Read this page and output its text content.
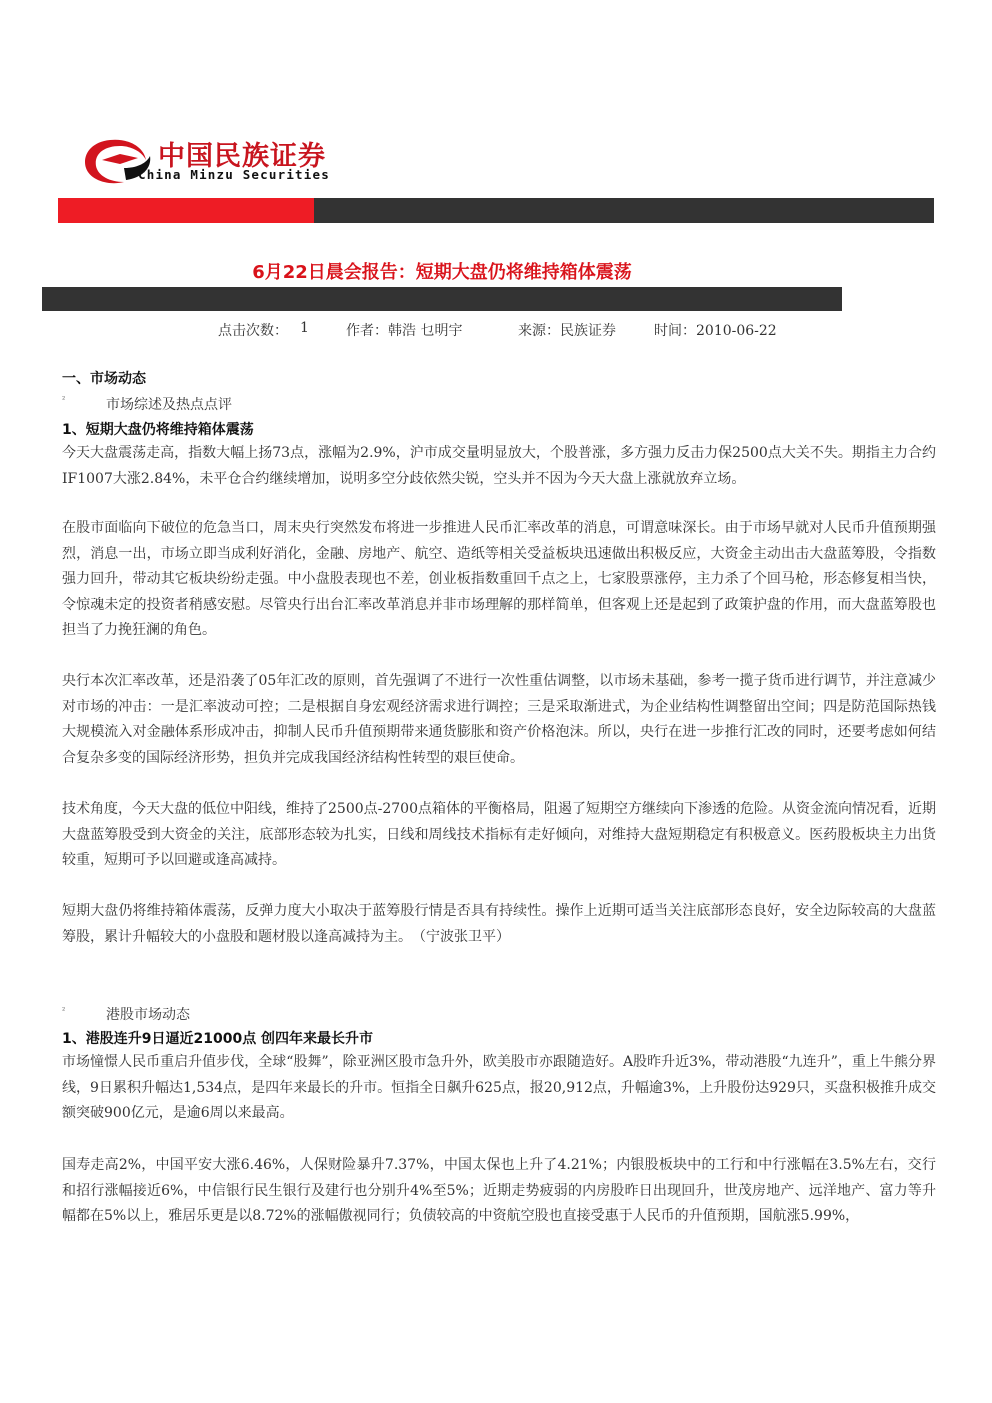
中国民族证券
China Minzu Securities
6月22日晨会报告：短期大盘仍将维持箱体震荡
点击次数： 1	作者：韩浩 乜明宇	来源：民族证券	时间：2010-06-22
一、市场动态
²	市场综述及热点点评
1、短期大盘仍将维持箱体震荡
今天大盘震荡走高，指数大幅上扬73点，涨幅为2.9%，沪市成交量明显放大，个股普涨，多方强力反击力保2500点大关不失。期指主力合约IF1007大涨2.84%，未平仓合约继续增加，说明多空分歧依然尖锐，空头并不因为今天大盘上涨就放弃立场。
在股市面临向下破位的危急当口，周末央行突然发布将进一步推进人民币汇率改革的消息，可谓意味深长。由于市场早就对人民币升值预期强烈，消息一出，市场立即当成利好消化，金融、房地产、航空、造纸等相关受益板块迅速做出积极反应，大资金主动出击大盘蓝筹股，令指数强力回升，带动其它板块纷纷走强。中小盘股表现也不差，创业板指数重回千点之上，七家股票涨停，主力杀了个回马枪，形态修复相当快，令惊魂未定的投资者稍感安慰。尽管央行出台汇率改革消息并非市场理解的那样简单，但客观上还是起到了政策护盘的作用，而大盘蓝筹股也担当了力挽狂澜的角色。
央行本次汇率改革，还是沿袭了05年汇改的原则，首先强调了不进行一次性重估调整，以市场未基础，参考一揽子货币进行调节，并注意减少对市场的冲击：一是汇率波动可控；二是根据自身宏观经济需求进行调控；三是采取渐进式，为企业结构性调整留出空间；四是防范国际热钱大规模流入对金融体系形成冲击，抑制人民币升值预期带来通货膨胀和资产价格泡沫。所以，央行在进一步推行汇改的同时，还要考虑如何结合复杂多变的国际经济形势，担负并完成我国经济结构性转型的艰巨使命。
技术角度，今天大盘的低位中阳线，维持了2500点-2700点箱体的平衡格局，阻遏了短期空方继续向下渗透的危险。从资金流向情况看，近期大盘蓝筹股受到大资金的关注，底部形态较为扎实，日线和周线技术指标有走好倾向，对维持大盘短期稳定有积极意义。医药股板块主力出货较重，短期可予以回避或逢高减持。
短期大盘仍将维持箱体震荡，反弹力度大小取决于蓝筹股行情是否具有持续性。操作上近期可适当关注底部形态良好，安全边际较高的大盘蓝筹股，累计升幅较大的小盘股和题材股以逢高减持为主。　（宁波张卫平）
²	港股市场动态
1、港股连升9日逼近21000点 创四年来最长升市
市场憧憬人民币重启升值步伐，全球“股舞”，除亚洲区股市急升外，欧美股市亦跟随造好。A股昨升近3%，带动港股“九连升”，重上牛熊分界线，9日累积升幅达1,534点，是四年来最长的升市。恒指全日飙升625点，报20,912点，升幅逾3%，上升股份达929只，买盘积极推升成交额突破900亿元，是逾6周以来最高。
国寿走高2%，中国平安大涨6.46%，人保财险暴升7.37%，中国太保也上升了4.21%；内银股板块中的工行和中行涨幅在3.5%左右，交行和招行涨幅接近6%，中信银行民生银行及建行也分别升4%至5%；近期走势疲弱的内房股昨日出现回升，世茂房地产、远洋地产、富力等升幅都在5%以上，雅居乐更是以8.72%的涨幅傲视同行；负债较高的中资航空股也直接受惠于人民币的升值预期，国航涨5.99%，
